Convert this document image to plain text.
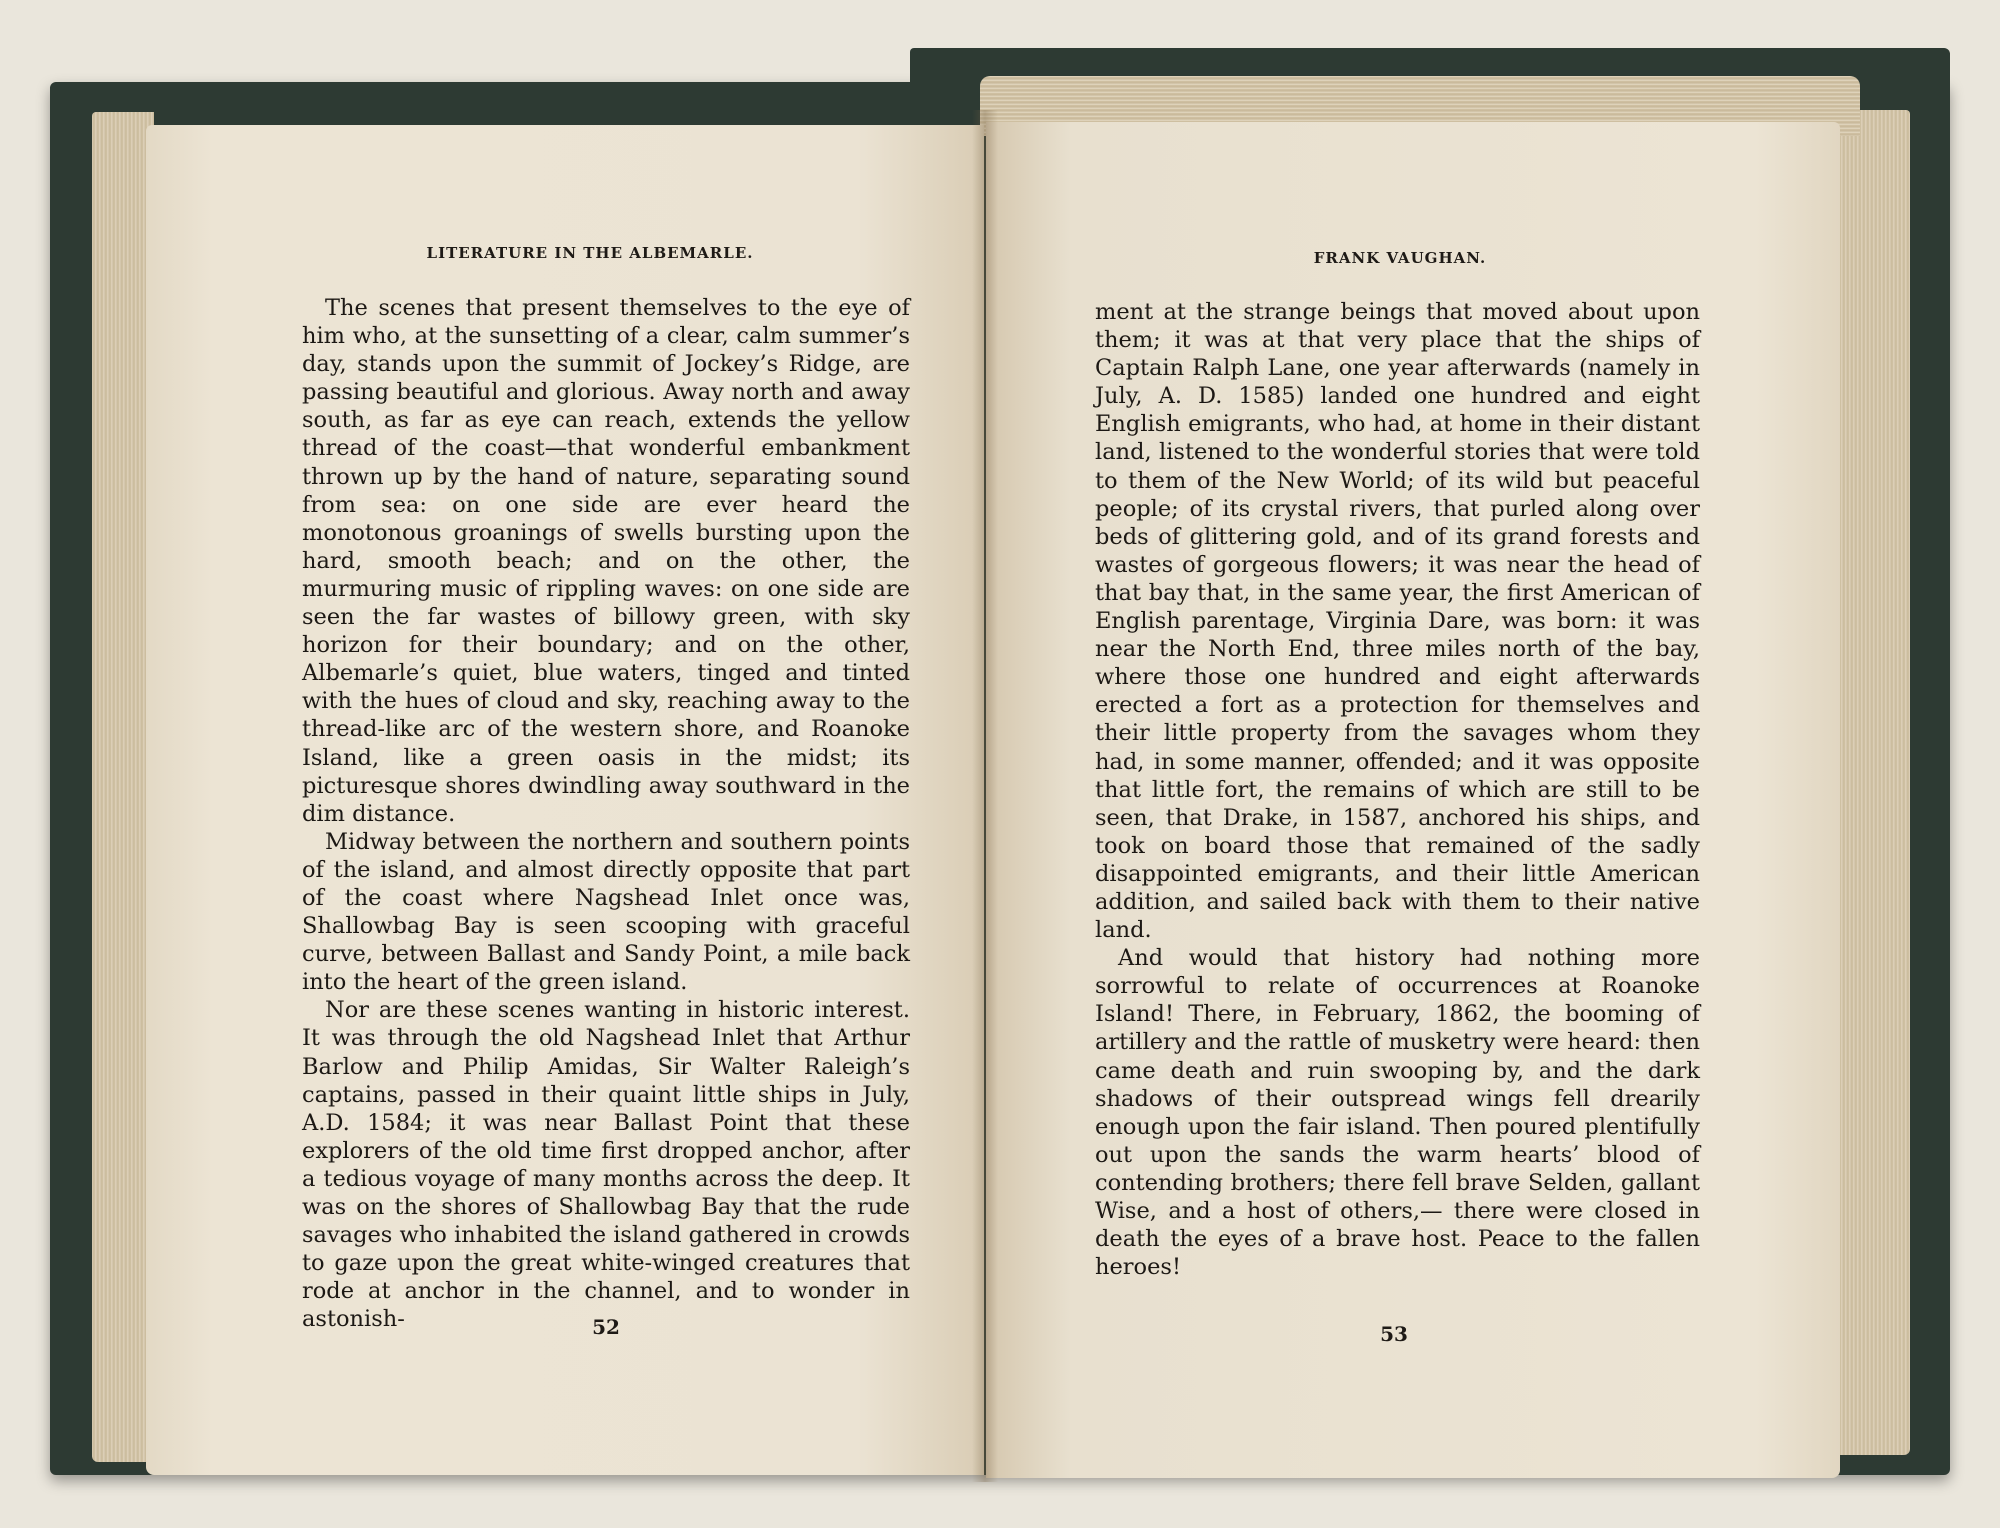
LITERATURE IN THE ALBEMARLE.

The scenes that present themselves to the eye of him who, at the sunsetting of a clear, calm summer’s day, stands upon the summit of Jockey’s Ridge, are passing beautiful and glorious. Away north and away south, as far as eye can reach, extends the yellow thread of the coast—that wonderful embankment thrown up by the hand of nature, separating sound from sea: on one side are ever heard the monotonous groanings of swells bursting upon the hard, smooth beach; and on the other, the murmuring music of rippling waves: on one side are seen the far wastes of billowy green, with sky horizon for their boundary; and on the other, Albemarle’s quiet, blue waters, tinged and tinted with the hues of cloud and sky, reaching away to the thread-like arc of the western shore, and Roanoke Island, like a green oasis in the midst; its picturesque shores dwindling away southward in the dim distance.

Midway between the northern and southern points of the island, and almost directly opposite that part of the coast where Nagshead Inlet once was, Shallowbag Bay is seen scooping with graceful curve, between Ballast and Sandy Point, a mile back into the heart of the green island.

Nor are these scenes wanting in historic interest. It was through the old Nagshead Inlet that Arthur Barlow and Philip Amidas, Sir Walter Raleigh’s captains, passed in their quaint little ships in July, A.D. 1584; it was near Ballast Point that these explorers of the old time first dropped anchor, after a tedious voyage of many months across the deep. It was on the shores of Shallowbag Bay that the rude savages who inhabited the island gathered in crowds to gaze upon the great white-winged creatures that rode at anchor in the channel, and to wonder in astonish-	52
FRANK VAUGHAN.

ment at the strange beings that moved about upon them; it was at that very place that the ships of Captain Ralph Lane, one year afterwards (namely in July, A. D. 1585) landed one hundred and eight English emigrants, who had, at home in their distant land, listened to the wonderful stories that were told to them of the New World; of its wild but peaceful people; of its crystal rivers, that purled along over beds of glittering gold, and of its grand forests and wastes of gorgeous flowers; it was near the head of that bay that, in the same year, the first American of English parentage, Virginia Dare, was born: it was near the North End, three miles north of the bay, where those one hundred and eight afterwards erected a fort as a protection for themselves and their little property from the savages whom they had, in some manner, offended; and it was opposite that little fort, the remains of which are still to be seen, that Drake, in 1587, anchored his ships, and took on board those that remained of the sadly disappointed emigrants, and their little American addition, and sailed back with them to their native land.

And would that history had nothing more sorrowful to relate of occurrences at Roanoke Island! There, in February, 1862, the booming of artillery and the rattle of musketry were heard: then came death and ruin swooping by, and the dark shadows of their outspread wings fell drearily enough upon the fair island. Then poured plentifully out upon the sands the warm hearts’ blood of contending brothers; there fell brave Selden, gallant Wise, and a host of others,— there were closed in death the eyes of a brave host. Peace to the fallen heroes!

53
